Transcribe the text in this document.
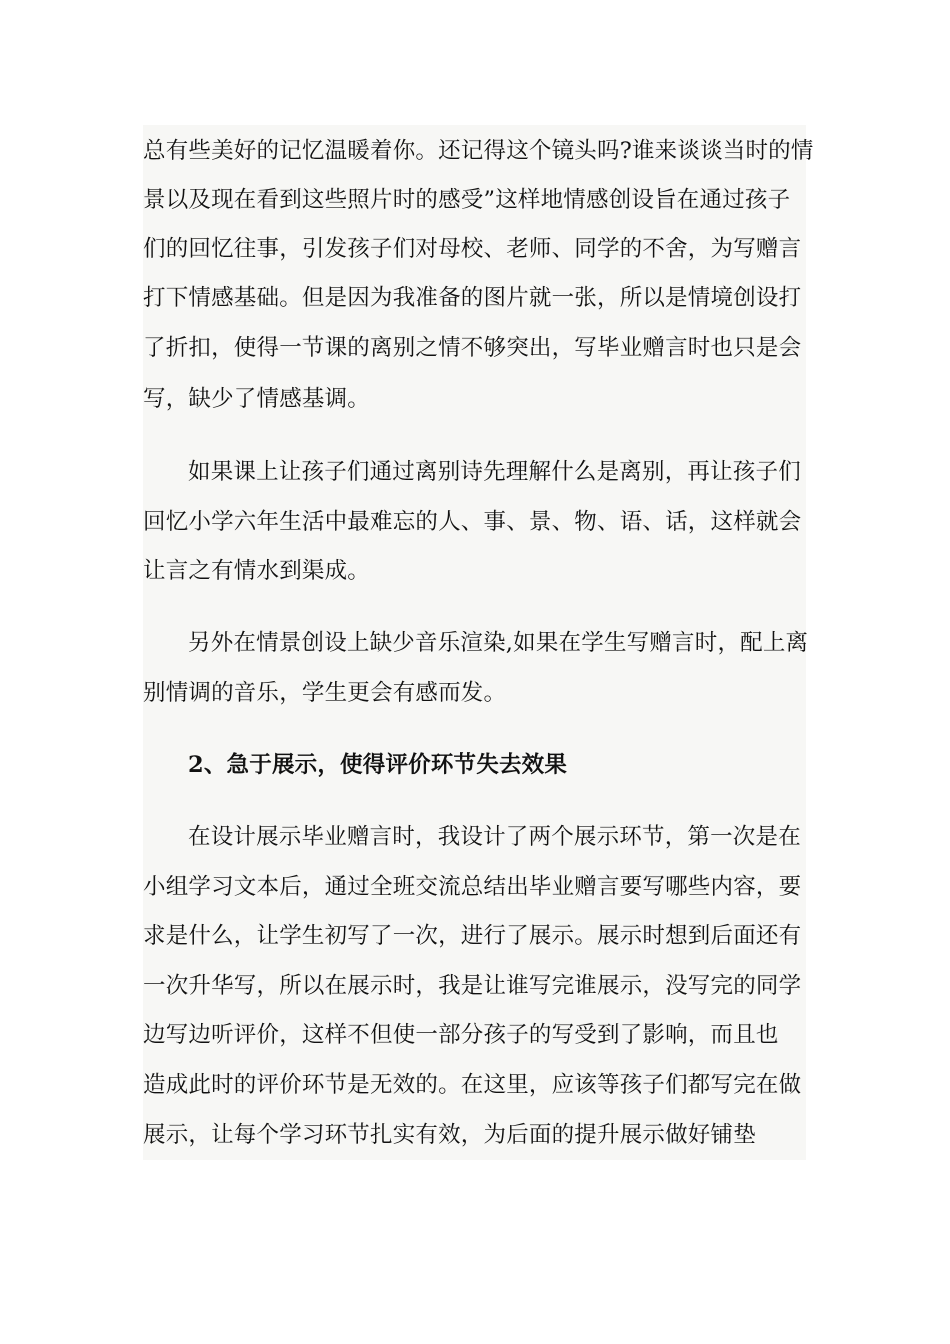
总有些美好的记忆温暖着你。还记得这个镜头吗?谁来谈谈当时的情
景以及现在看到这些照片时的感受”这样地情感创设旨在通过孩子
们的回忆往事，引发孩子们对母校、老师、同学的不舍，为写赠言
打下情感基础。但是因为我准备的图片就一张，所以是情境创设打
了折扣，使得一节课的离别之情不够突出，写毕业赠言时也只是会
写，缺少了情感基调。
如果课上让孩子们通过离别诗先理解什么是离别，再让孩子们
回忆小学六年生活中最难忘的人、事、景、物、语、话，这样就会
让言之有情水到渠成。
另外在情景创设上缺少音乐渲染,如果在学生写赠言时，配上离
别情调的音乐，学生更会有感而发。
2、急于展示，使得评价环节失去效果
在设计展示毕业赠言时，我设计了两个展示环节，第一次是在
小组学习文本后，通过全班交流总结出毕业赠言要写哪些内容，要
求是什么，让学生初写了一次，进行了展示。展示时想到后面还有
一次升华写，所以在展示时，我是让谁写完谁展示，没写完的同学
边写边听评价，这样不但使一部分孩子的写受到了影响，而且也
造成此时的评价环节是无效的。在这里，应该等孩子们都写完在做
展示，让每个学习环节扎实有效，为后面的提升展示做好铺垫
